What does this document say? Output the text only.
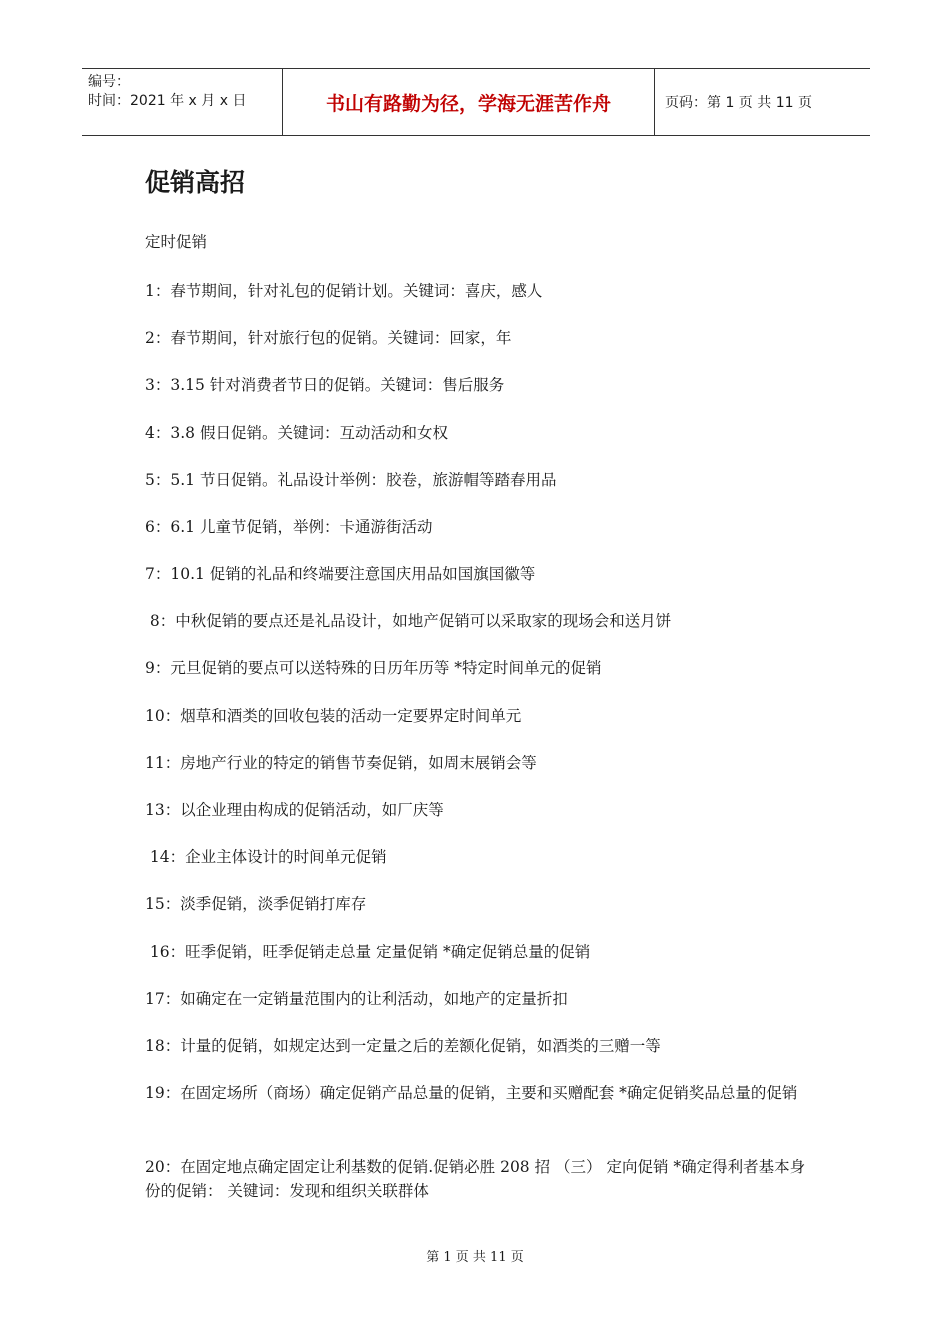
编号：
时间：2021 年 x 月 x 日	书山有路勤为径，学海无涯苦作舟	页码：第 1 页 共 11 页
促销高招

定时促销

1：春节期间，针对礼包的促销计划。关键词：喜庆，感人

2：春节期间，针对旅行包的促销。关键词：回家，年

3：3.15 针对消费者节日的促销。关键词：售后服务

4：3.8 假日促销。关键词：互动活动和女权

5：5.1 节日促销。礼品设计举例：胶卷，旅游帽等踏春用品

6：6.1 儿童节促销，举例：卡通游街活动

7：10.1 促销的礼品和终端要注意国庆用品如国旗国徽等

8：中秋促销的要点还是礼品设计，如地产促销可以采取家的现场会和送月饼

9：元旦促销的要点可以送特殊的日历年历等 *特定时间单元的促销

10：烟草和酒类的回收包装的活动一定要界定时间单元

11：房地产行业的特定的销售节奏促销，如周末展销会等

13：以企业理由构成的促销活动，如厂庆等

14：企业主体设计的时间单元促销

15：淡季促销，淡季促销打库存

16：旺季促销，旺季促销走总量 定量促销 *确定促销总量的促销

17：如确定在一定销量范围内的让利活动，如地产的定量折扣

18：计量的促销，如规定达到一定量之后的差额化促销，如酒类的三赠一等

19：在固定场所（商场）确定促销产品总量的促销，主要和买赠配套 *确定促销奖品总量的促销

20：在固定地点确定固定让利基数的促销.促销必胜 208 招 （三） 定向促销 *确定得利者基本身份的促销： 关键词：发现和组织关联群体

第 1 页 共 11 页
